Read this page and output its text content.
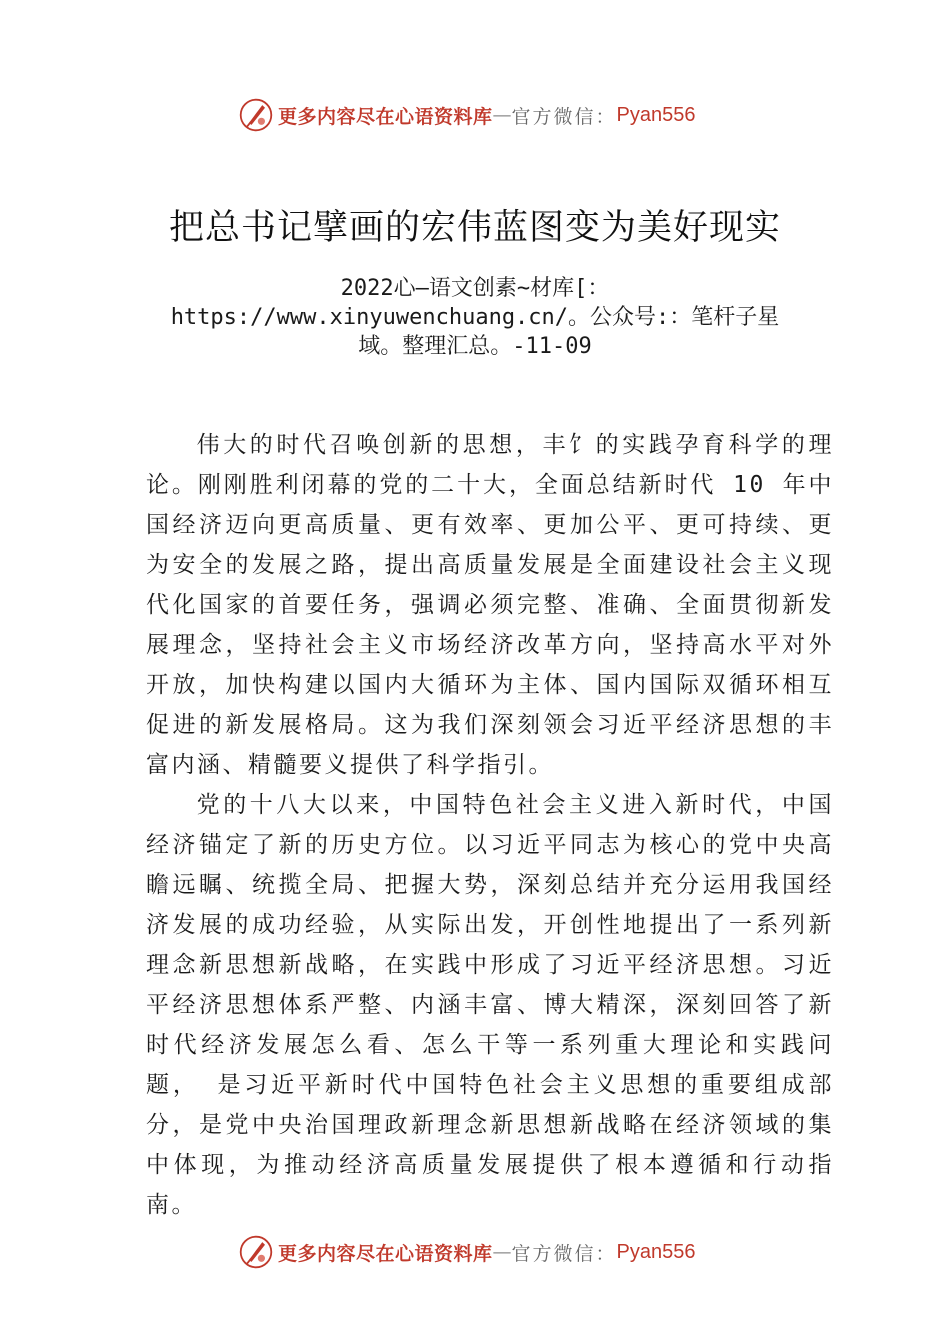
更多内容尽在心语资料库 — 官方微信： Pyan556
把总书记擘画的宏伟蓝图变为美好现实

2022心—语文创素~材库[：https://www.xinyuwenchuang.cn/。公众号:：笔杆子星域。整理汇总。-11-09

伟大的时代召唤创新的思想，丰饣的实践孕育科学的理论。刚刚胜利闭幕的党的二十大，全面总结新时代 10 年中国经济迈向更高质量、更有效率、更加公平、更可持续、更为安全的发展之路，提出高质量发展是全面建设社会主义现代化国家的首要任务，强调必须完整、准确、全面贯彻新发展理念，坚持社会主义市场经济改革方向，坚持高水平对外开放，加快构建以国内大循环为主体、国内国际双循环相互促进的新发展格局。这为我们深刻领会习近平经济思想的丰富内涵、精髓要义提供了科学指引。

党的十八大以来，中国特色社会主义进入新时代，中国经济锚定了新的历史方位。以习近平同志为核心的党中央高瞻远瞩、统揽全局、把握大势，深刻总结并充分运用我国经济发展的成功经验，从实际出发，开创性地提出了一系列新 理念新思想新战略，在实践中形成了习近平经济思想。习近 平经济思想体系严整、内涵丰富、博大精深，深刻回答了新 时代经济发展怎么看、怎么干等一系列重大理论和实践问题， 是习近平新时代中国特色社会主义思想的重要组成部分，是党中央治国理政新理念新思想新战略在经济领域的集中体现，为推动经济高质量发展提供了根本遵循和行动指南。

更多内容尽在心语资料库 — 官方微信： Pyan556
